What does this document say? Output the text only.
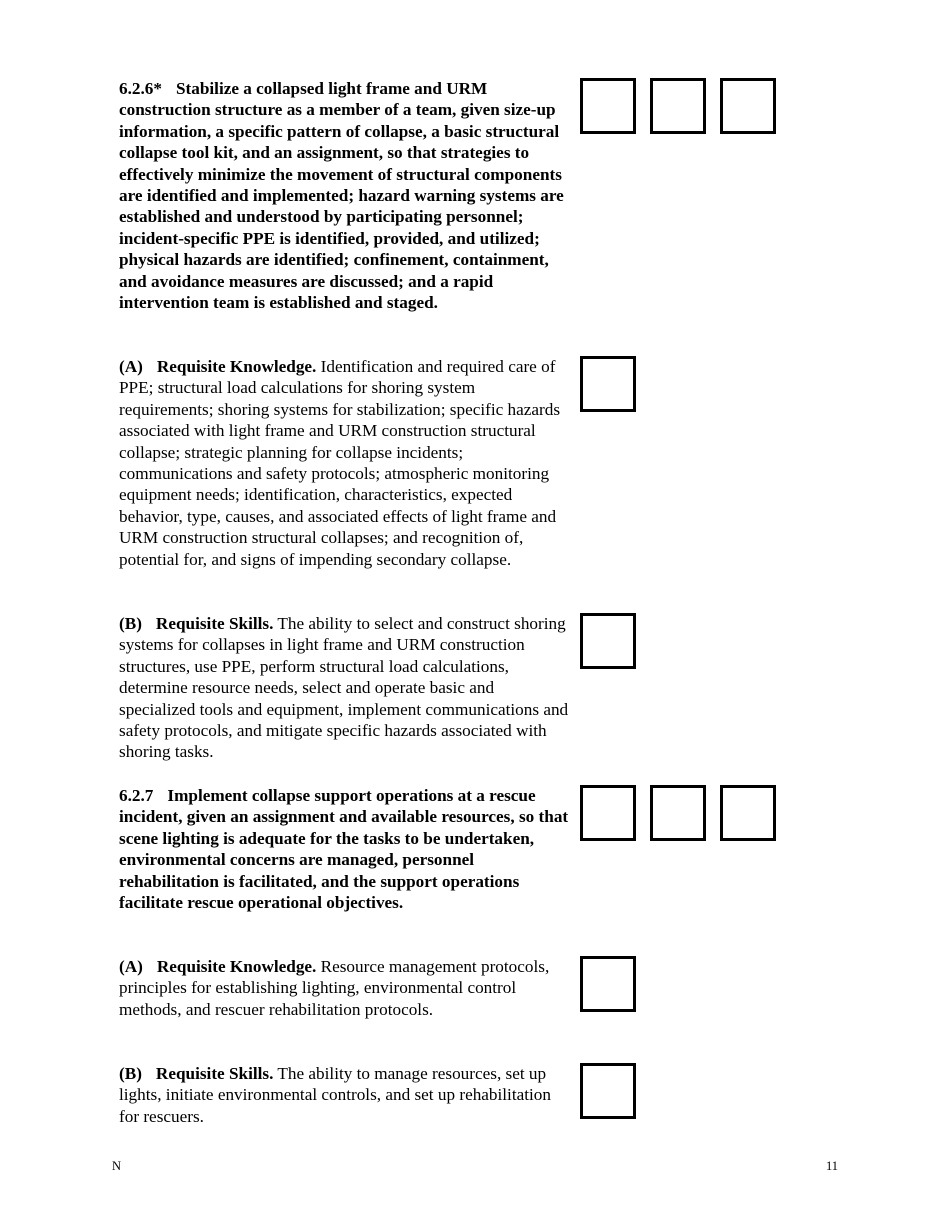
6.2.6* Stabilize a collapsed light frame and URM construction structure as a member of a team, given size-up information, a specific pattern of collapse, a basic structural collapse tool kit, and an assignment, so that strategies to effectively minimize the movement of structural components are identified and implemented; hazard warning systems are established and understood by participating personnel; incident-specific PPE is identified, provided, and utilized; physical hazards are identified; confinement, containment, and avoidance measures are discussed; and a rapid intervention team is established and staged.

(A) Requisite Knowledge. Identification and required care of PPE; structural load calculations for shoring system requirements; shoring systems for stabilization; specific hazards associated with light frame and URM construction structural collapse; strategic planning for collapse incidents; communications and safety protocols; atmospheric monitoring equipment needs; identification, characteristics, expected behavior, type, causes, and associated effects of light frame and URM construction structural collapses; and recognition of, potential for, and signs of impending secondary collapse.

(B) Requisite Skills. The ability to select and construct shoring systems for collapses in light frame and URM construction structures, use PPE, perform structural load calculations, determine resource needs, select and operate basic and specialized tools and equipment, implement communications and safety protocols, and mitigate specific hazards associated with shoring tasks.

6.2.7 Implement collapse support operations at a rescue incident, given an assignment and available resources, so that scene lighting is adequate for the tasks to be undertaken, environmental concerns are managed, personnel rehabilitation is facilitated, and the support operations facilitate rescue operational objectives.

(A) Requisite Knowledge. Resource management protocols, principles for establishing lighting, environmental control methods, and rescuer rehabilitation protocols.

(B) Requisite Skills. The ability to manage resources, set up lights, initiate environmental controls, and set up rehabilitation for rescuers.

N	11
